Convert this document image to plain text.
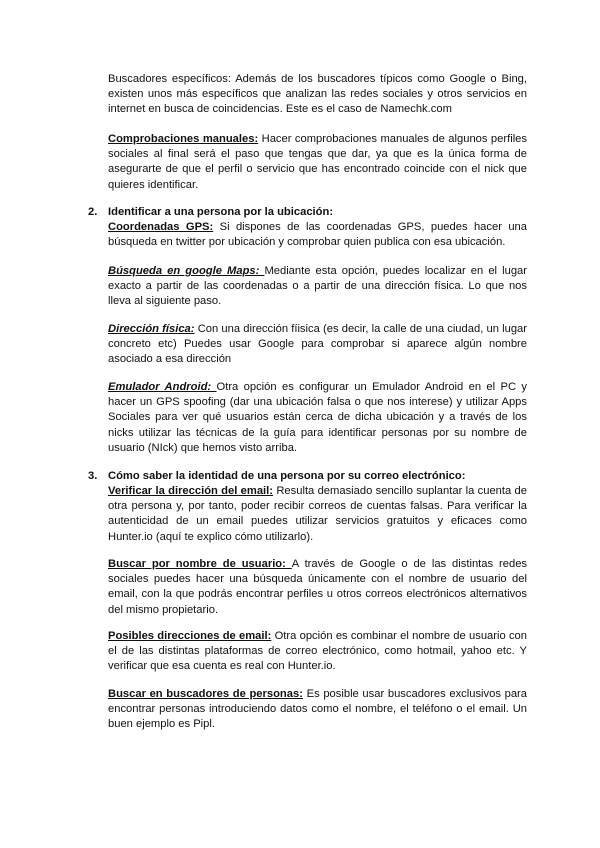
Buscadores específicos: Además de los buscadores típicos como Google o Bing, existen unos más específicos que analizan las redes sociales y otros servicios en internet en busca de coincidencias. Este es el caso de Namechk.com

Comprobaciones manuales: Hacer comprobaciones manuales de algunos perfiles sociales al final será el paso que tengas que dar, ya que es la única forma de asegurarte de que el perfil o servicio que has encontrado coincide con el nick que quieres identificar.

2. Identificar a una persona por la ubicación:

Coordenadas GPS: Si dispones de las coordenadas GPS, puedes hacer una búsqueda en twitter por ubicación y comprobar quien publica con esa ubicación.

Búsqueda en google Maps: Mediante esta opción, puedes localizar en el lugar exacto a partir de las coordenadas o a partir de una dirección física. Lo que nos lleva al siguiente paso.

Dirección física: Con una dirección fíisica (es decir, la calle de una ciudad, un lugar concreto etc) Puedes usar Google para comprobar si aparece algún nombre asociado a esa dirección

Emulador Android: Otra opción es configurar un Emulador Android en el PC y hacer un GPS spoofing (dar una ubicación falsa o que nos interese) y utilizar Apps Sociales para ver qué usuarios están cerca de dicha ubicación y a través de los nicks utilizar las técnicas de la guía para identificar personas por su nombre de usuario (NIck) que hemos visto arriba.

3. Cómo saber la identidad de una persona por su correo electrónico:

Verificar la dirección del email: Resulta demasiado sencillo suplantar la cuenta de otra persona y, por tanto, poder recibir correos de cuentas falsas. Para verificar la autenticidad de un email puedes utilizar servicios gratuitos y eficaces como Hunter.io (aquí te explico cómo utilizarlo).

Buscar por nombre de usuario: A través de Google o de las distintas redes sociales puedes hacer una búsqueda únicamente con el nombre de usuario del email, con la que podrás encontrar perfiles u otros correos electrónicos alternativos del mismo propietario.

Posibles direcciones de email: Otra opción es combinar el nombre de usuario con el de las distintas plataformas de correo electrónico, como hotmail, yahoo etc. Y verificar que esa cuenta es real con Hunter.io.

Buscar en buscadores de personas: Es posible usar buscadores exclusivos para encontrar personas introduciendo datos como el nombre, el teléfono o el email. Un buen ejemplo es Pipl.
